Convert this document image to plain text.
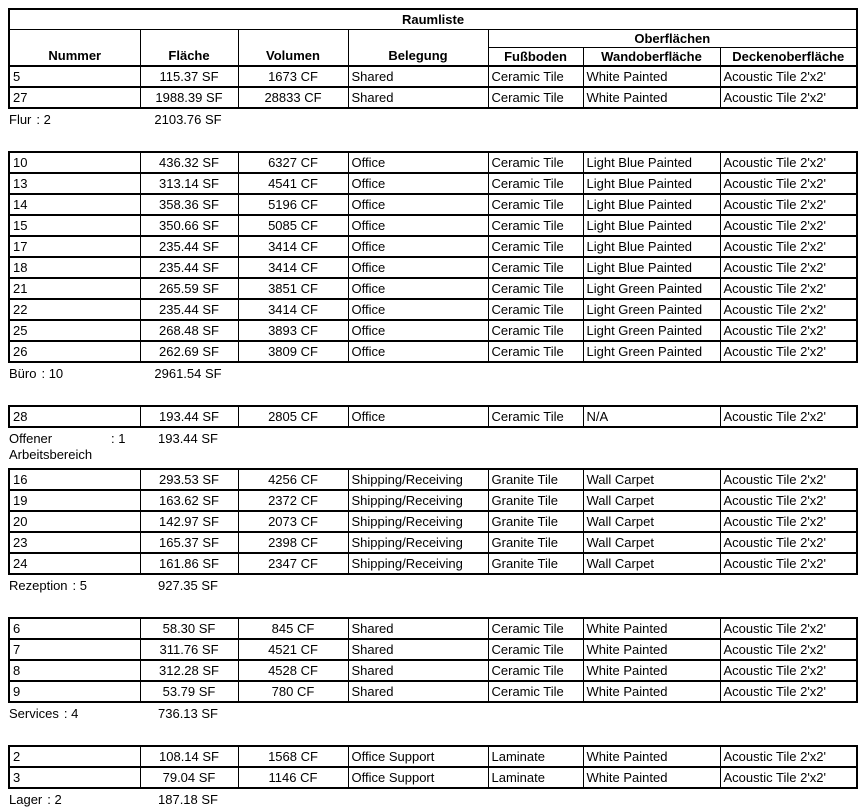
Raumliste						
Nummer	Fläche	Volumen	Belegung	Oberflächen		
				Fußboden	Wandoberfläche	Deckenoberfläche
5	115.37 SF	1673 CF	Shared	Ceramic Tile	White Painted	Acoustic Tile 2'x2'
27	1988.39 SF	28833 CF	Shared	Ceramic Tile	White Painted	Acoustic Tile 2'x2'
Flur : 2	2103.76 SF
10	436.32 SF	6327 CF	Office	Ceramic Tile	Light Blue Painted	Acoustic Tile 2'x2'
13	313.14 SF	4541 CF	Office	Ceramic Tile	Light Blue Painted	Acoustic Tile 2'x2'
14	358.36 SF	5196 CF	Office	Ceramic Tile	Light Blue Painted	Acoustic Tile 2'x2'
15	350.66 SF	5085 CF	Office	Ceramic Tile	Light Blue Painted	Acoustic Tile 2'x2'
17	235.44 SF	3414 CF	Office	Ceramic Tile	Light Blue Painted	Acoustic Tile 2'x2'
18	235.44 SF	3414 CF	Office	Ceramic Tile	Light Blue Painted	Acoustic Tile 2'x2'
21	265.59 SF	3851 CF	Office	Ceramic Tile	Light Green Painted	Acoustic Tile 2'x2'
22	235.44 SF	3414 CF	Office	Ceramic Tile	Light Green Painted	Acoustic Tile 2'x2'
25	268.48 SF	3893 CF	Office	Ceramic Tile	Light Green Painted	Acoustic Tile 2'x2'
26	262.69 SF	3809 CF	Office	Ceramic Tile	Light Green Painted	Acoustic Tile 2'x2'
Büro : 10	2961.54 SF
28	193.44 SF	2805 CF	Office	Ceramic Tile	N/A	Acoustic Tile 2'x2'
Offener Arbeitsbereich: 1	193.44 SF
16	293.53 SF	4256 CF	Shipping/Receiving	Granite Tile	Wall Carpet	Acoustic Tile 2'x2'
19	163.62 SF	2372 CF	Shipping/Receiving	Granite Tile	Wall Carpet	Acoustic Tile 2'x2'
20	142.97 SF	2073 CF	Shipping/Receiving	Granite Tile	Wall Carpet	Acoustic Tile 2'x2'
23	165.37 SF	2398 CF	Shipping/Receiving	Granite Tile	Wall Carpet	Acoustic Tile 2'x2'
24	161.86 SF	2347 CF	Shipping/Receiving	Granite Tile	Wall Carpet	Acoustic Tile 2'x2'
Rezeption : 5	927.35 SF
6	58.30 SF	845 CF	Shared	Ceramic Tile	White Painted	Acoustic Tile 2'x2'
7	311.76 SF	4521 CF	Shared	Ceramic Tile	White Painted	Acoustic Tile 2'x2'
8	312.28 SF	4528 CF	Shared	Ceramic Tile	White Painted	Acoustic Tile 2'x2'
9	53.79 SF	780 CF	Shared	Ceramic Tile	White Painted	Acoustic Tile 2'x2'
Services : 4	736.13 SF
2	108.14 SF	1568 CF	Office Support	Laminate	White Painted	Acoustic Tile 2'x2'
3	79.04 SF	1146 CF	Office Support	Laminate	White Painted	Acoustic Tile 2'x2'
Lager : 2	187.18 SF
